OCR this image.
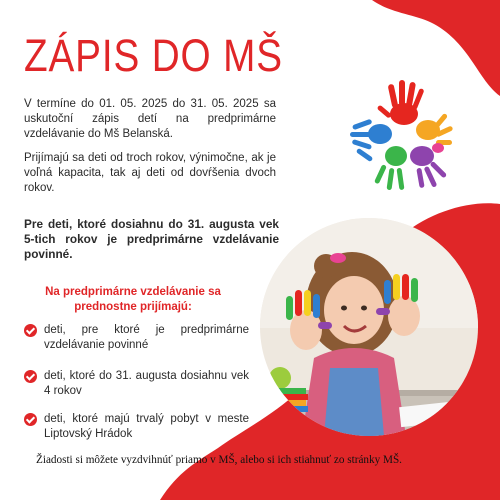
ZÁPIS DO MŠ

V termíne do 01. 05. 2025 do 31. 05. 2025 sa uskutoční zápis detí na predprimárne vzdelávanie do Mš Belanská.

Prijímajú sa deti od troch rokov, výnimočne, ak je voľná kapacita, tak aj deti od dovŕšenia dvoch rokov.

Pre deti, ktoré dosiahnu do 31. augusta vek 5-tich rokov je predprimárne vzdelávanie povinné.

Na predprimárne vzdelávanie sa prednostne prijímajú:

deti, pre ktoré je predprimárne vzdelávanie povinné
deti, ktoré do 31. augusta dosiahnu vek 4 rokov
deti, ktoré majú trvalý pobyt v meste Liptovský Hrádok
Žiadosti si môžete vyzdvihnúť priamo v MŠ, alebo si ich stiahnuť zo stránky MŠ.
